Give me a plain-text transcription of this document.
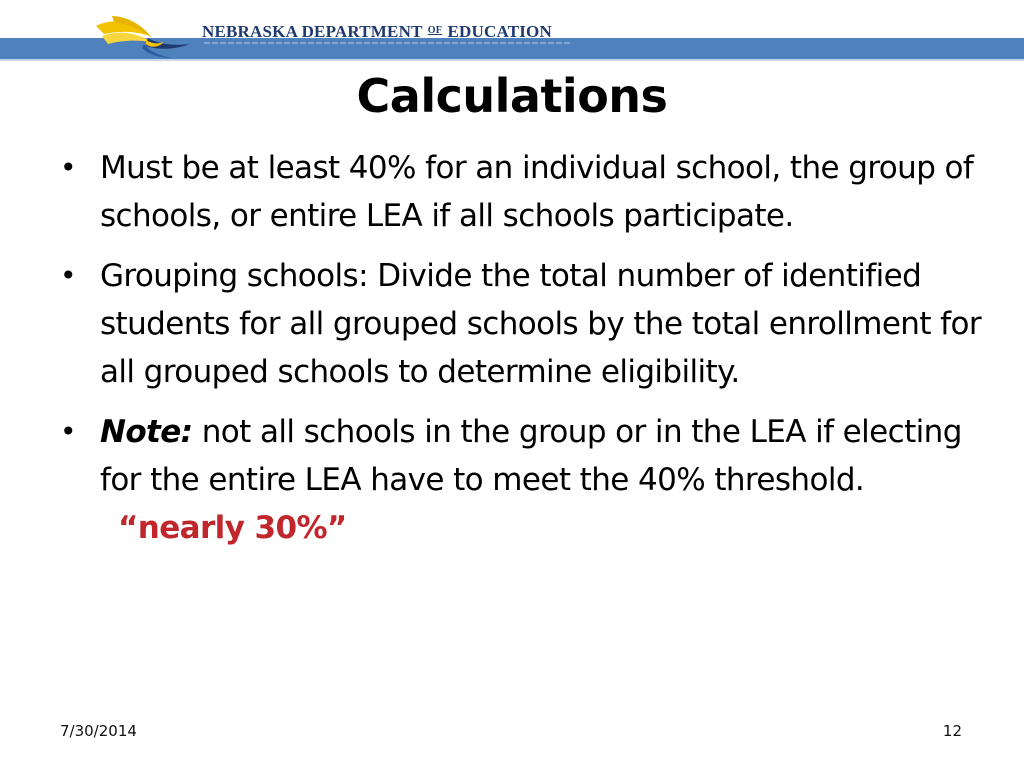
NEBRASKA DEPARTMENT $^{OF}$ EDUCATION
Calculations
• Must be at least 40% for an individual school, the group of schools, or entire LEA if all schools participate.
• Grouping schools: Divide the total number of identified students for all grouped schools by the total enrollment for all grouped schools to determine eligibility.
• Note: not all schools in the group or in the LEA if electing for the entire LEA have to meet the 40% threshold. “nearly 30%”
7/30/2014	12
